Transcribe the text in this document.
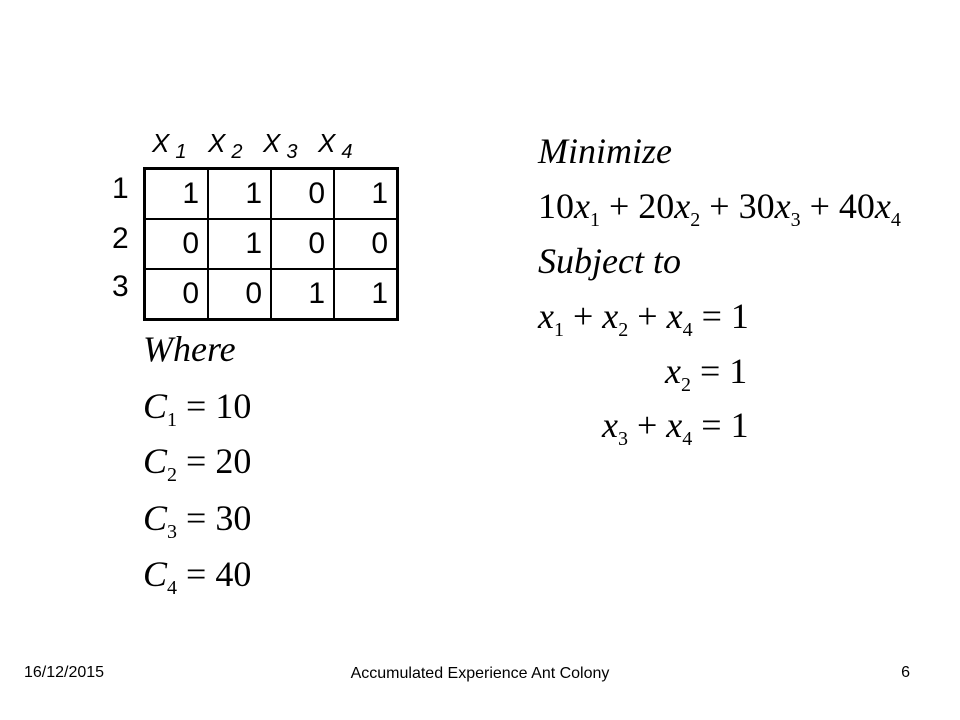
X $_1$ X $_2$ X $_3$ X $_4$
1
2
3
1	1	0	1
0	1	0	0
0	0	1	1
Where
$C_1 = 10$
$C_2 = 20$
$C_3 = 30$
$C_4 = 40$
Minimize
$10x_1 + 20x_2 + 30x_3 + 40x_4$
Subject to
$x_1 + x_2 + x_4 = 1$
$x_2 = 1$
$x_3 + x_4 = 1$
16/12/2015	Accumulated Experience Ant Colony	6
